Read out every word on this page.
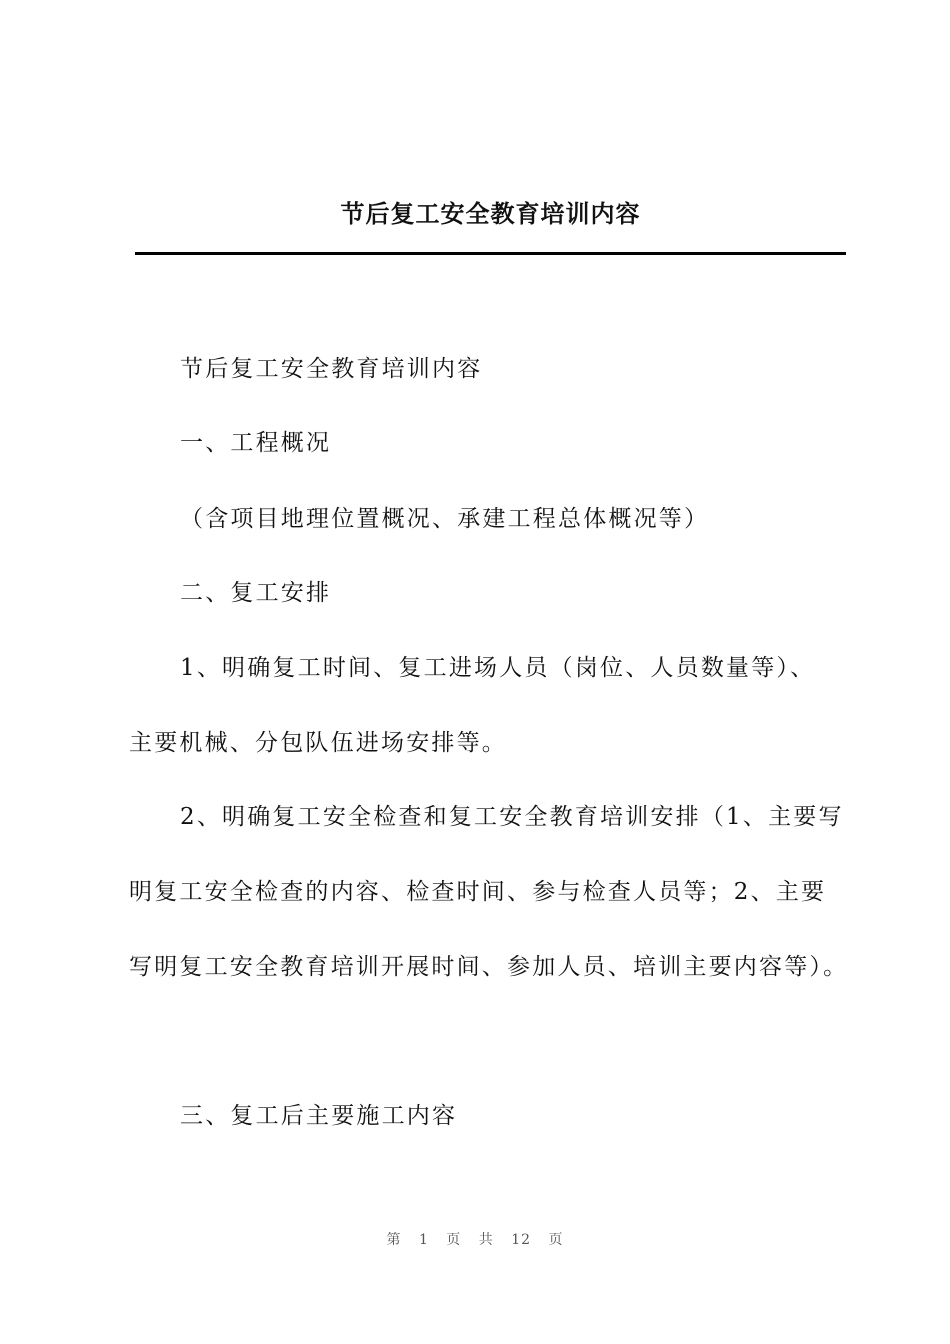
节后复工安全教育培训内容
节后复工安全教育培训内容
一、工程概况
（含项目地理位置概况、承建工程总体概况等）
二、复工安排
1、明确复工时间、复工进场人员（岗位、人员数量等）、
主要机械、分包队伍进场安排等。
2、明确复工安全检查和复工安全教育培训安排（1、主要写
明复工安全检查的内容、检查时间、参与检查人员等；2、主要
写明复工安全教育培训开展时间、参加人员、培训主要内容等）。
三、复工后主要施工内容
第 1 页 共 12 页
